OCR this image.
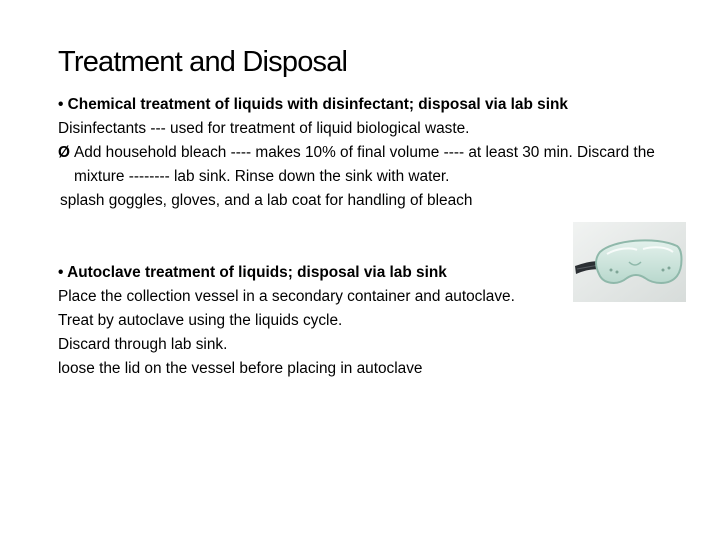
Treatment and Disposal
• Chemical treatment of liquids with disinfectant; disposal via lab sink
Disinfectants --- used for treatment of liquid biological waste.
Ø Add household bleach ---- makes 10% of final volume ---- at least 30 min. Discard the mixture -------- lab sink. Rinse down the sink with water.
splash goggles, gloves, and a lab coat for handling of bleach
• Autoclave treatment of liquids; disposal via lab sink
Place the collection vessel in a secondary container and autoclave.
Treat by autoclave using the liquids cycle.
Discard through lab sink.
loose the lid on the vessel before placing in autoclave
